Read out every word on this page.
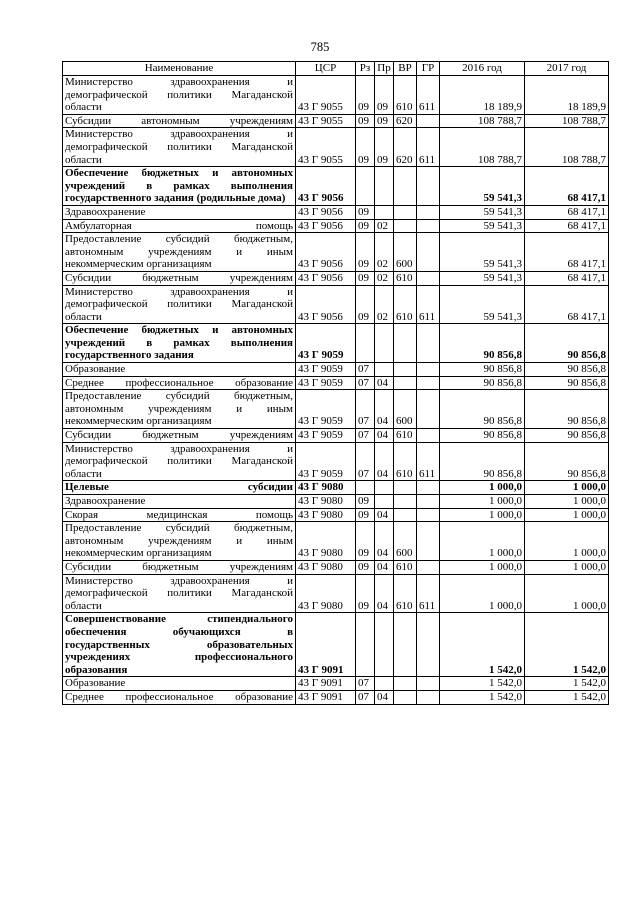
785
Наименование	ЦСР	Рз	Пр	ВР	ГР	2016 год	2017 год
Министерство здравоохранения и демографической политики Магаданской области	43 Г 9055	09	09	610	611	18 189,9	18 189,9
Субсидии автономным учреждениям	43 Г 9055	09	09	620		108 788,7	108 788,7
Министерство здравоохранения и демографической политики Магаданской области	43 Г 9055	09	09	620	611	108 788,7	108 788,7
Обеспечение бюджетных и автономных учреждений в рамках выполнения государственного задания (родильные дома)	43 Г 9056					59 541,3	68 417,1
Здравоохранение	43 Г 9056	09				59 541,3	68 417,1
Амбулаторная помощь	43 Г 9056	09	02			59 541,3	68 417,1
Предоставление субсидий бюджетным, автономным учреждениям и иным некоммерческим организациям	43 Г 9056	09	02	600		59 541,3	68 417,1
Субсидии бюджетным учреждениям	43 Г 9056	09	02	610		59 541,3	68 417,1
Министерство здравоохранения и демографической политики Магаданской области	43 Г 9056	09	02	610	611	59 541,3	68 417,1
Обеспечение бюджетных и автономных учреждений в рамках выполнения государственного задания	43 Г 9059					90 856,8	90 856,8
Образование	43 Г 9059	07				90 856,8	90 856,8
Среднее профессиональное образование	43 Г 9059	07	04			90 856,8	90 856,8
Предоставление субсидий бюджетным, автономным учреждениям и иным некоммерческим организациям	43 Г 9059	07	04	600		90 856,8	90 856,8
Субсидии бюджетным учреждениям	43 Г 9059	07	04	610		90 856,8	90 856,8
Министерство здравоохранения и демографической политики Магаданской области	43 Г 9059	07	04	610	611	90 856,8	90 856,8
Целевые субсидии	43 Г 9080					1 000,0	1 000,0
Здравоохранение	43 Г 9080	09				1 000,0	1 000,0
Скорая медицинская помощь	43 Г 9080	09	04			1 000,0	1 000,0
Предоставление субсидий бюджетным, автономным учреждениям и иным некоммерческим организациям	43 Г 9080	09	04	600		1 000,0	1 000,0
Субсидии бюджетным учреждениям	43 Г 9080	09	04	610		1 000,0	1 000,0
Министерство здравоохранения и демографической политики Магаданской области	43 Г 9080	09	04	610	611	1 000,0	1 000,0
Совершенствование стипендиального обеспечения обучающихся в государственных образовательных учреждениях профессионального образования	43 Г 9091					1 542,0	1 542,0
Образование	43 Г 9091	07				1 542,0	1 542,0
Среднее профессиональное образование	43 Г 9091	07	04			1 542,0	1 542,0
